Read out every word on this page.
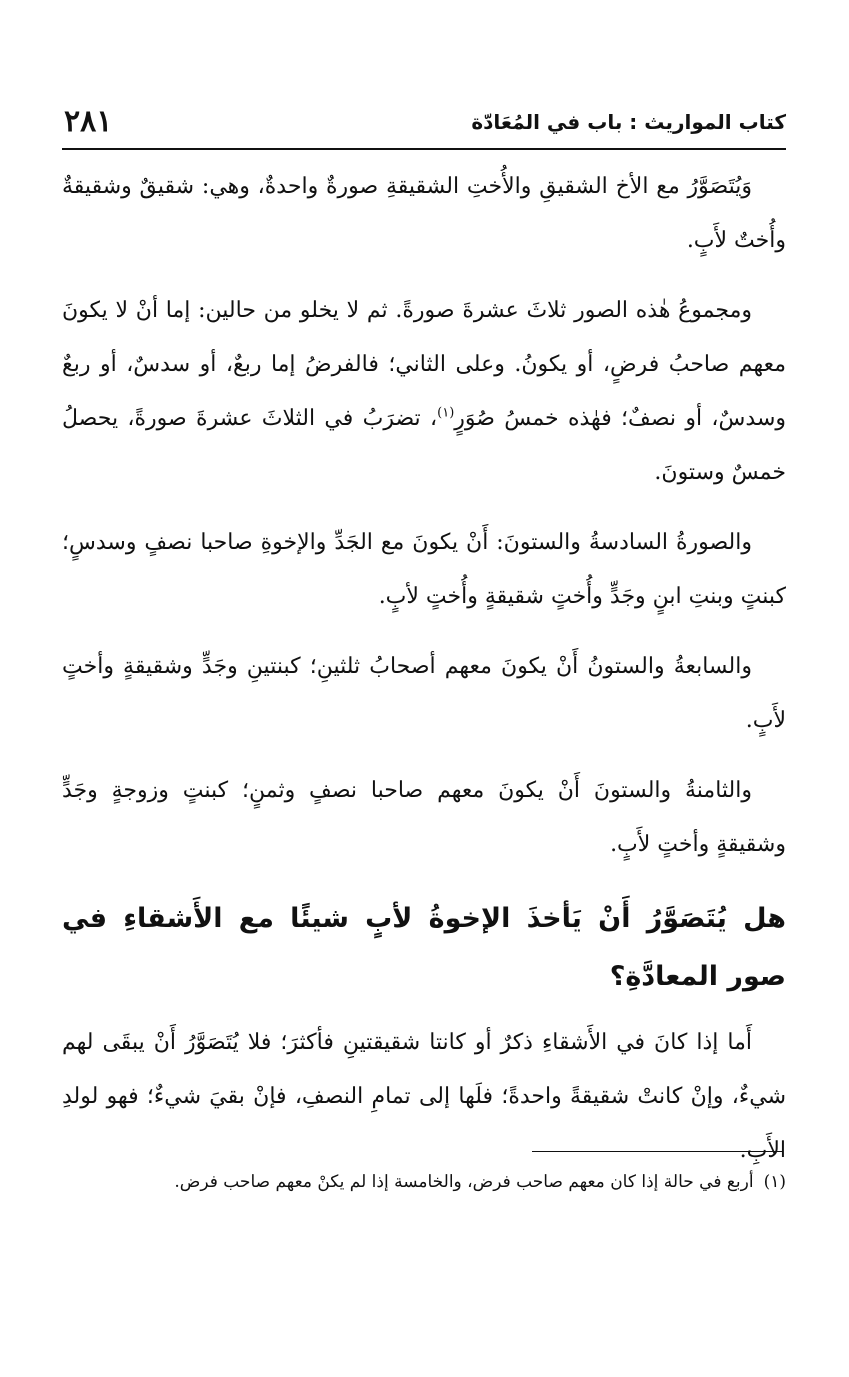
٢٨١	كتاب المواريث : باب في المُعَادّة

وَيُتَصَوَّرُ مع الأخ الشقيقِ والأُختِ الشقيقةِ صورةٌ واحدةٌ، وهي: شقيقٌ وشقيقةٌ وأُختٌ لأَبٍ.

ومجموعُ هٰذه الصور ثلاثَ عشرةَ صورةً. ثم لا يخلو من حالين: إما أنْ لا يكونَ معهم صاحبُ فرضٍ، أو يكونُ. وعلى الثاني؛ فالفرضُ إما ربعٌ، أو سدسٌ، أو ربعٌ وسدسٌ، أو نصفٌ؛ فهٰذه خمسُ صُوَرٍ$^{(١)}$، تضرَبُ في الثلاثَ عشرةَ صورةً، يحصلُ خمسٌ وستونَ.

والصورةُ السادسةُ والستونَ: أَنْ يكونَ مع الجَدِّ والإخوةِ صاحبا نصفٍ وسدسٍ؛ كبنتٍ وبنتِ ابنٍ وجَدٍّ وأُختٍ شقيقةٍ وأُختٍ لأبٍ.

والسابعةُ والستونُ أَنْ يكونَ معهم أصحابُ ثلثينِ؛ كبنتينِ وجَدٍّ وشقيقةٍ وأختٍ لأَبٍ.

والثامنةُ والستونَ أَنْ يكونَ معهم صاحبا نصفٍ وثمنٍ؛ كبنتٍ وزوجةٍ وجَدٍّ وشقيقةٍ وأختٍ لأَبٍ.

هل يُتَصَوَّرُ أَنْ يَأخذَ الإخوةُ لأبٍ شيئًا مع الأَشقاءِ في صور المعادَّةِ؟

أَما إذا كانَ في الأَشقاءِ ذكرٌ أو كانتا شقيقتينِ فأكثرَ؛ فلا يُتَصَوَّرُ أَنْ يبقَى لهم شيءٌ، وإنْ كانتْ شقيقةً واحدةً؛ فلَها إلى تمامِ النصفِ، فإنْ بقيَ شيءٌ؛ فهو لولدِ الأَبِ.

(١)أربع في حالة إذا كان معهم صاحب فرض، والخامسة إذا لم يكنْ معهم صاحب فرض.
